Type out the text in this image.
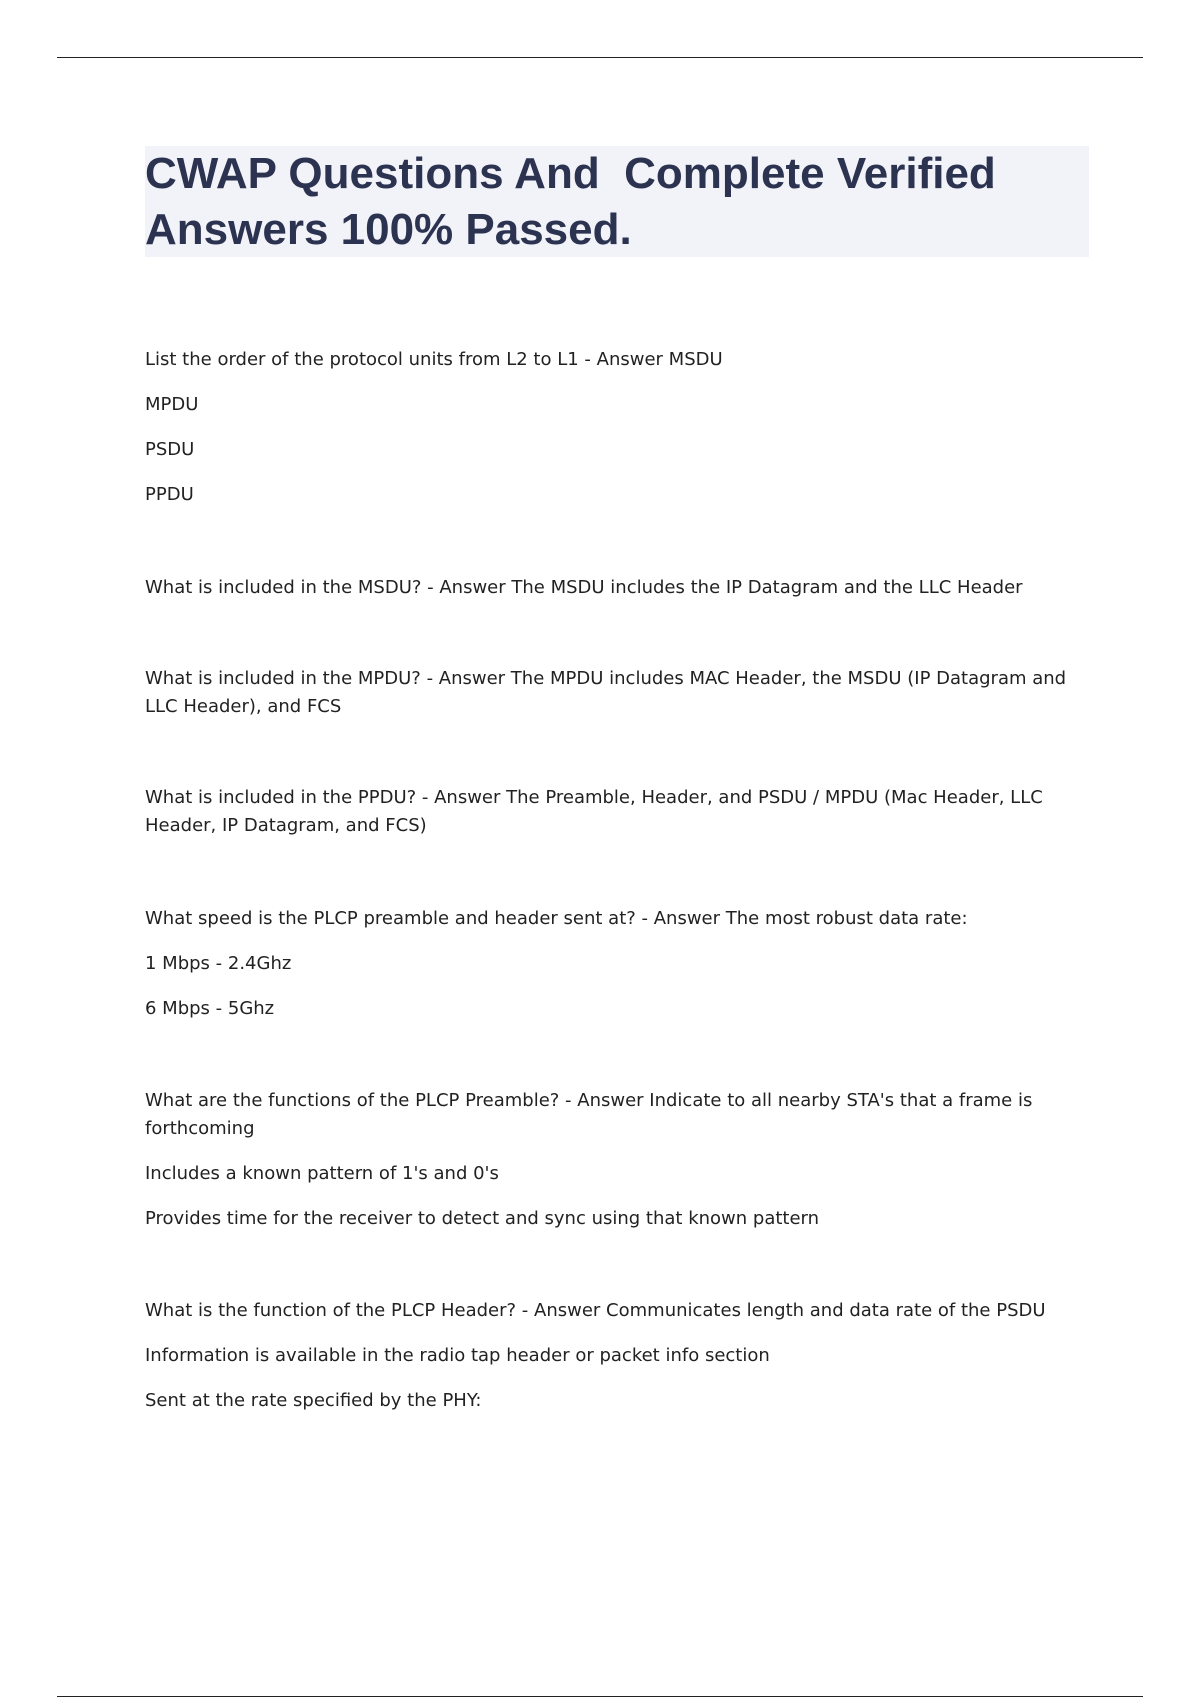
CWAP Questions And  Complete Verified Answers 100% Passed.

List the order of the protocol units from L2 to L1 - Answer MSDU

MPDU

PSDU

PPDU

What is included in the MSDU? - Answer The MSDU includes the IP Datagram and the LLC Header

What is included in the MPDU? - Answer The MPDU includes MAC Header, the MSDU (IP Datagram and LLC Header), and FCS

What is included in the PPDU? - Answer The Preamble, Header, and PSDU / MPDU (Mac Header, LLC Header, IP Datagram, and FCS)

What speed is the PLCP preamble and header sent at? - Answer The most robust data rate:

1 Mbps - 2.4Ghz

6 Mbps - 5Ghz

What are the functions of the PLCP Preamble? - Answer Indicate to all nearby STA's that a frame is forthcoming

Includes a known pattern of 1's and 0's

Provides time for the receiver to detect and sync using that known pattern

What is the function of the PLCP Header? - Answer Communicates length and data rate of the PSDU

Information is available in the radio tap header or packet info section

Sent at the rate specified by the PHY:
